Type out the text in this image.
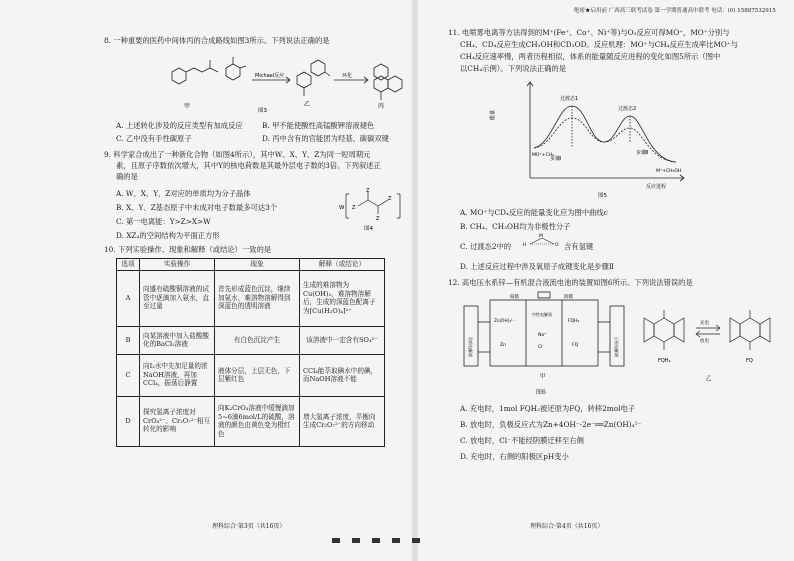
8. 一种重要的医药中间体丙的合成路线如图3所示。下列说法正确的是
Michael反应	环化
甲	乙	丙
图3
A. 上述转化涉及的反应类型有加成反应	B. 甲不能使酸性高锰酸钾溶液褪色
C. 乙中没有手性碳原子	D. 丙中含有的官能团为羟基、碳碳双键
9. 科学家合成出了一种新化合物（如图4所示），其中W、X、Y、Z为同一短周期元
素，且原子序数依次增大，其中Y的核电荷数是其最外层电子数的3倍。下列叙述正
确的是
A. W、X、Y、Z对应的单质均为分子晶体
B. X、Y、Z基态原子中未成对电子数最多可达3个
C. 第一电离能：Y>Z>X>W
D. XZ₄的空间结构为平面正方形
W Z
Z
Z
Z
图4
10. 下列实验操作、现象和解释（或结论）一致的是
选项	实验操作	现象	解释（或结论）
A	向盛有硫酸铜溶液的试管中逐滴加入氨水，直至过量	首先形成蓝色沉淀，继续加氨水，难溶物溶解得到深蓝色的透明溶液	生成的难溶物为Cu(OH)₂，难溶物溶解后，生成的深蓝色配离子为[Cu(H₂O)₄]²⁺
B	向某溶液中加入盐酸酸化的BaCl₂溶液	有白色沉淀产生	该溶液中一定含有SO₄²⁻
C	向I₂水中先加足量的浓NaOH溶液，再加CCl₄，振荡后静置	液体分层，上层无色，下层紫红色	CCl₄能萃取碘水中的碘，而NaOH溶液不能
D	探究氢离子浓度对CrO₄²⁻、Cr₂O₇²⁻相互转化的影响	向K₂CrO₄溶液中缓慢滴加5~6滴6mol/L的硫酸，溶液的颜色由黄色变为橙红色	增大氢离子浓度，平衡向生成Cr₂O₇²⁻的方向移动
理科综合·第3页（共16页）
绝密★启用前 广西高三联考试卷 第一学期普通高中联考 电话：(0) 15887532915
11. 电喷雾电离等方法得到的M⁺(Fe⁺、Co⁺、Ni⁺等)与O₃反应可得MO⁺，MO⁺分别与
CH₄、CD₄反应生成CH₃OH和CD₃OD。反应机理：MO⁺与CH₄反应生成率比MO⁺与
CH₄反应速率慢，两者历程相似，体系的能量随反应进程的变化如图5所示（图中
以CH₄示例）。下列说法正确的是
能量
反应进程
过渡态1
过渡态2
步骤Ⅰ
步骤Ⅱ
MO⁺+CH₄
M⁺+CH₃OH
图5
A. MO⁺与CD₄反应的能量变化应为图中曲线c
B. CH₄、CH₃OH均为非极性分子
C. 过渡态2中的	H
M
O 含有氢键
D. 上述反应过程中涉及氧原子成键变化是步骤Ⅱ
12. 高电压水系锌—有机混合液流电池的装置如图6所示。下列说法错误的是
阳膜	阴膜
中性电解质
负极电解液	正极电解液
Zn(OH)₄²⁻
Zn
FQH₂
FQ
Na⁺
Cl⁻
甲
充电
放电
FQH₂	FQ
乙
图6
A. 充电时，1mol FQH₂被还原为FQ，转移2mol电子
B. 放电时，负极反应式为Zn+4OH⁻-2e⁻══Zn(OH)₄²⁻
C. 放电时，Cl⁻不能经阴膜迁移至右侧
D. 充电时，右侧的阳极区pH变小
理科综合·第4页（共16页）
